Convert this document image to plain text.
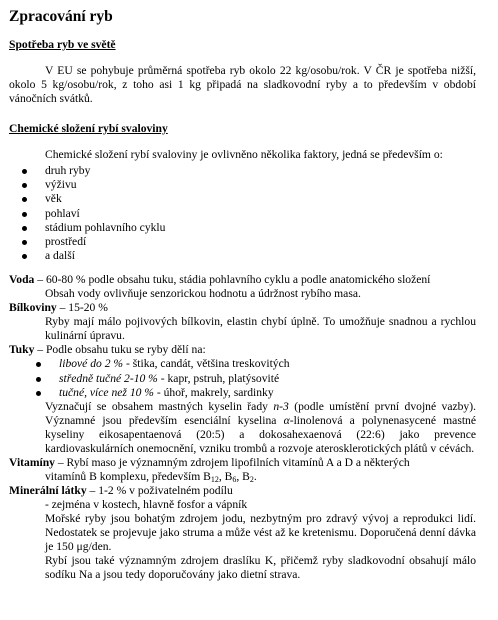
Zpracování ryb
Spotřeba ryb ve světě

V EU se pohybuje průměrná spotřeba ryb okolo 22 kg/osobu/rok. V ČR je spotřeba nižší, okolo 5 kg/osobu/rok, z toho asi 1 kg připadá na sladkovodní ryby a to především v období vánočních svátků.

Chemické složení rybí svaloviny

Chemické složení rybí svaloviny je ovlivněno několika faktory, jedná se především o:

druh ryby
výživu
věk
pohlaví
stádium pohlavního cyklu
prostředí
a další
Voda – 60-80 % podle obsahu tuku, stádia pohlavního cyklu a podle anatomického složení
Obsah vody ovlivňuje senzorickou hodnotu a údržnost rybího masa.
Bílkoviny – 15-20 %
Ryby mají málo pojivových bílkovin, elastin chybí úplně. To umožňuje snadnou a rychlou kulinární úpravu.
Tuky – Podle obsahu tuku se ryby dělí na:
libové do 2 % - štika, candát, většina treskovitých
středně tučné 2-10 % - kapr, pstruh, platýsovité
tučné, více než 10 % - úhoř, makrely, sardinky
Vyznačují se obsahem mastných kyselin řady n-3 (podle umístění první dvojné vazby). Významné jsou především esenciální kyselina α-linolenová a polynenasycené mastné kyseliny eikosapentaenová (20:5) a dokosahexaenová (22:6) jako prevence kardiovaskulárních onemocnění, vzniku trombů a rozvoje aterosklerotických plátů v cévách.
Vitamíny – Rybí maso je významným zdrojem lipofilních vitamínů A a D a některých
vitamínů B komplexu, především $B_{12}$, $B_6$, $B_2$.
Minerální látky – 1-2 % v poživatelném podílu
- zejména v kostech, hlavně fosfor a vápník
Mořské ryby jsou bohatým zdrojem jodu, nezbytným pro zdravý vývoj a reprodukci lidí. Nedostatek se projevuje jako struma a může vést až ke kretenismu. Doporučená denní dávka je 150 μg/den.
Rybí jsou také významným zdrojem draslíku K, přičemž ryby sladkovodní obsahují málo sodíku Na a jsou tedy doporučovány jako dietní strava.
